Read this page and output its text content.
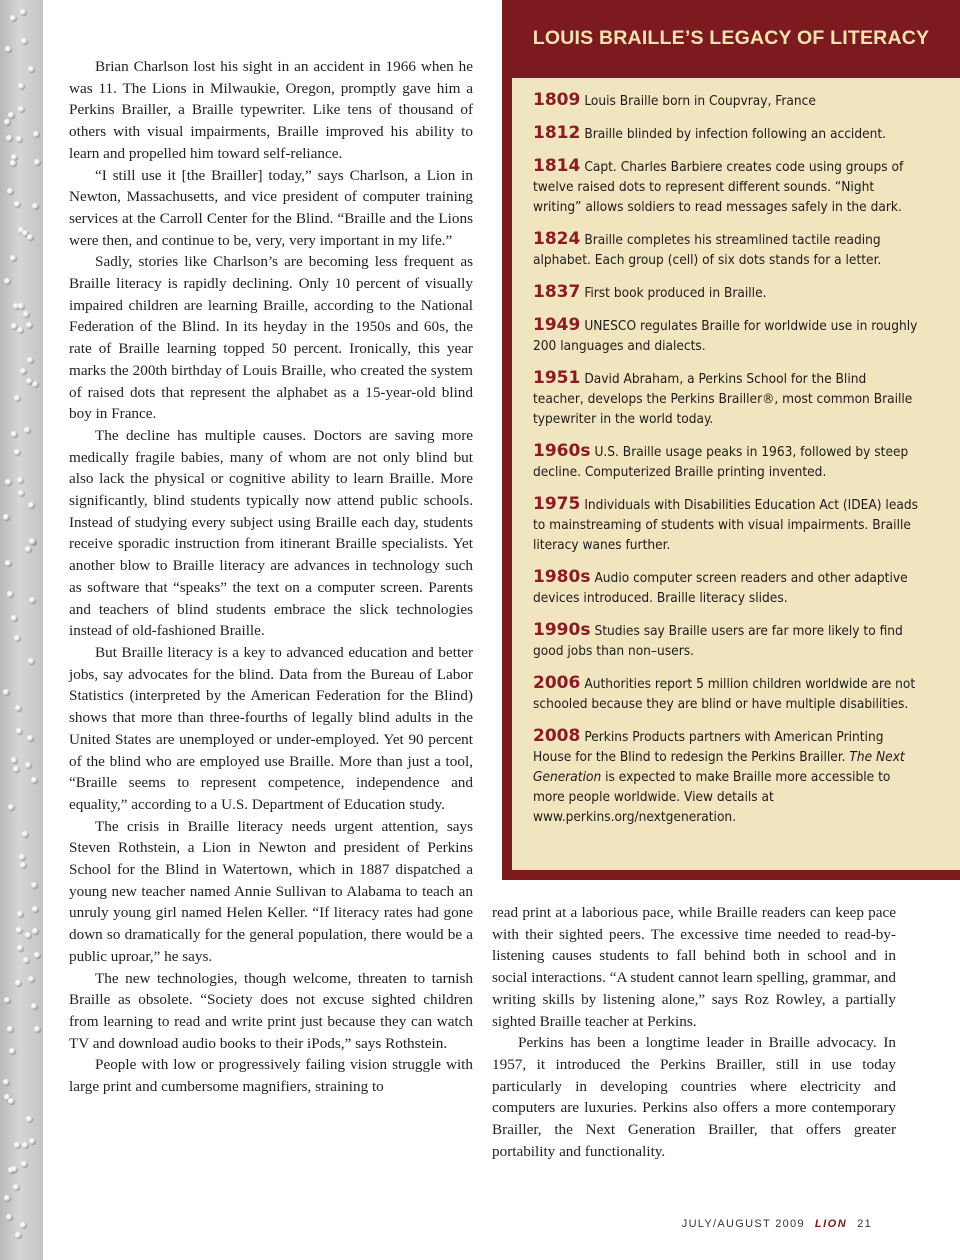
Brian Charlson lost his sight in an accident in 1966 when he was 11. The Lions in Milwaukie, Oregon, promptly gave him a Perkins Brailler, a Braille typewriter. Like tens of thousand of others with visual impairments, Braille improved his ability to learn and propelled him toward self-reliance.

“I still use it [the Brailler] today,” says Charlson, a Lion in Newton, Massachusetts, and vice president of computer training services at the Carroll Center for the Blind. “Braille and the Lions were then, and continue to be, very, very important in my life.”

Sadly, stories like Charlson’s are becoming less frequent as Braille literacy is rapidly declining. Only 10 percent of visually impaired children are learning Braille, according to the National Federation of the Blind. In its heyday in the 1950s and 60s, the rate of Braille learning topped 50 percent. Ironically, this year marks the 200th birthday of Louis Braille, who created the system of raised dots that represent the alphabet as a 15-year-old blind boy in France.

The decline has multiple causes. Doctors are saving more medically fragile babies, many of whom are not only blind but also lack the physical or cognitive ability to learn Braille. More significantly, blind students typically now attend public schools. Instead of studying every subject using Braille each day, students receive sporadic instruction from itinerant Braille specialists. Yet another blow to Braille literacy are advances in technology such as software that “speaks” the text on a computer screen. Parents and teachers of blind students embrace the slick technologies instead of old-fashioned Braille.

But Braille literacy is a key to advanced education and better jobs, say advocates for the blind. Data from the Bureau of Labor Statistics (interpreted by the American Federation for the Blind) shows that more than three-fourths of legally blind adults in the United States are unemployed or under-employed. Yet 90 percent of the blind who are employed use Braille. More than just a tool, “Braille seems to represent competence, independence and equality,” according to a U.S. Department of Education study.

The crisis in Braille literacy needs urgent attention, says Steven Rothstein, a Lion in Newton and president of Perkins School for the Blind in Watertown, which in 1887 dispatched a young new teacher named Annie Sullivan to Alabama to teach an unruly young girl named Helen Keller. “If literacy rates had gone down so dramatically for the general population, there would be a public uproar,” he says.

The new technologies, though welcome, threaten to tarnish Braille as obsolete. “Society does not excuse sighted children from learning to read and write print just because they can watch TV and download audio books to their iPods,” says Rothstein.

People with low or progressively failing vision struggle with large print and cumbersome magnifiers, straining to

LOUIS BRAILLE’S LEGACY OF LITERACY
1809 Louis Braille born in Coupvray, France
1812 Braille blinded by infection following an accident.
1814 Capt. Charles Barbiere creates code using groups of twelve raised dots to represent different sounds. “Night writing” allows soldiers to read messages safely in the dark.
1824 Braille completes his streamlined tactile reading alphabet. Each group (cell) of six dots stands for a letter.
1837 First book produced in Braille.
1949 UNESCO regulates Braille for worldwide use in roughly 200 languages and dialects.
1951 David Abraham, a Perkins School for the Blind teacher, develops the Perkins Brailler®, most common Braille typewriter in the world today.
1960s U.S. Braille usage peaks in 1963, followed by steep decline. Computerized Braille printing invented.
1975 Individuals with Disabilities Education Act (IDEA) leads to mainstreaming of students with visual impairments. Braille literacy wanes further.
1980s Audio computer screen readers and other adaptive devices introduced. Braille literacy slides.
1990s Studies say Braille users are far more likely to find good jobs than non–users.
2006 Authorities report 5 million children worldwide are not schooled because they are blind or have multiple disabilities.
2008 Perkins Products partners with American Printing House for the Blind to redesign the Perkins Brailler. The Next Generation is expected to make Braille more accessible to more people worldwide. View details at www.perkins.org/nextgeneration.

read print at a laborious pace, while Braille readers can keep pace with their sighted peers. The excessive time needed to read-by-listening causes students to fall behind both in school and in social interactions. “A student cannot learn spelling, grammar, and writing skills by listening alone,” says Roz Rowley, a partially sighted Braille teacher at Perkins.

Perkins has been a longtime leader in Braille advocacy. In 1957, it introduced the Perkins Brailler, still in use today particularly in developing countries where electricity and computers are luxuries. Perkins also offers a more contemporary Brailler, the Next Generation Brailler, that offers greater portability and functionality.

JULY/AUGUST 2009 LION 21
